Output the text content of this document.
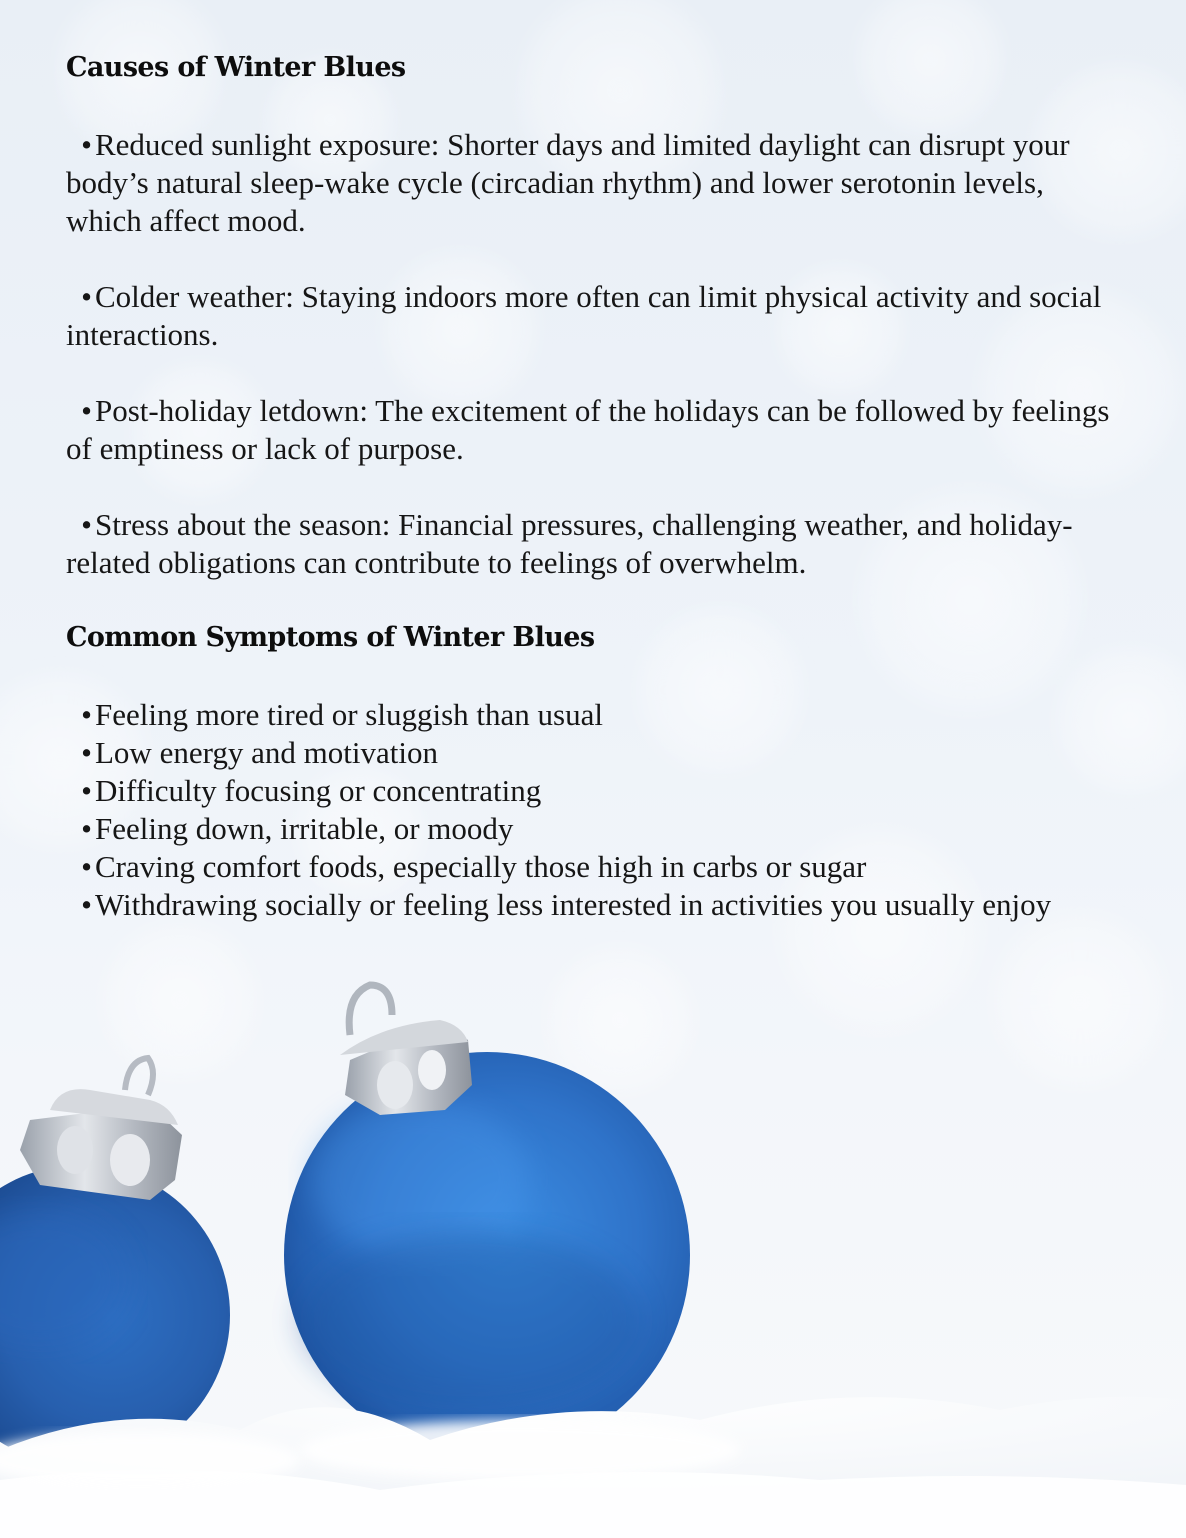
Causes of Winter Blues

•Reduced sunlight exposure: Shorter days and limited daylight can disrupt your body’s natural sleep-wake cycle (circadian rhythm) and lower serotonin levels, which affect mood.

•Colder weather: Staying indoors more often can limit physical activity and social interactions.

•Post-holiday letdown: The excitement of the holidays can be followed by feelings of emptiness or lack of purpose.

•Stress about the season: Financial pressures, challenging weather, and holiday-related obligations can contribute to feelings of overwhelm.

Common Symptoms of Winter Blues

•Feeling more tired or sluggish than usual

•Low energy and motivation

•Difficulty focusing or concentrating

•Feeling down, irritable, or moody

•Craving comfort foods, especially those high in carbs or sugar

•Withdrawing socially or feeling less interested in activities you usually enjoy
